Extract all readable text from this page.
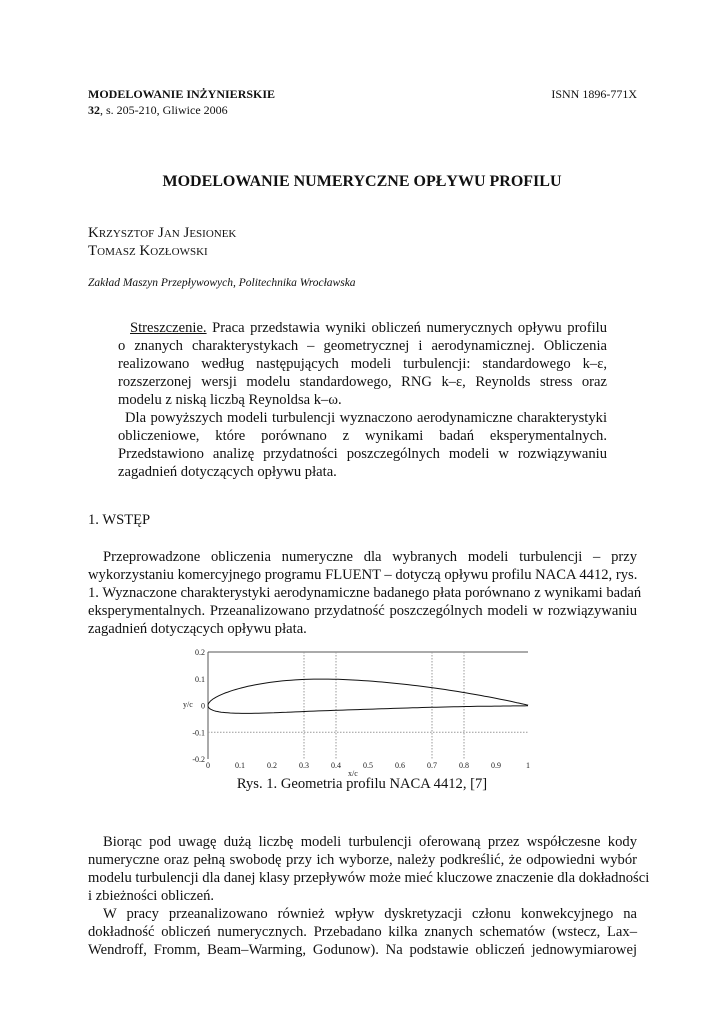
MODELOWANIE INŻYNIERSKIE
32, s. 205-210, Gliwice 2006
ISNN 1896-771X
MODELOWANIE NUMERYCZNE OPŁYWU PROFILU
Krzysztof Jan Jesionek
Tomasz Kozłowski
Zakład Maszyn Przepływowych, Politechnika Wrocławska
Streszczenie. Praca przedstawia wyniki obliczeń numerycznych opływu profilu
o znanych charakterystykach – geometrycznej i aerodynamicznej. Obliczenia
realizowano według następujących modeli turbulencji: standardowego k–ε,
rozszerzonej wersji modelu standardowego, RNG k–ε, Reynolds stress oraz
modelu z niską liczbą Reynoldsa k–ω.
Dla powyższych modeli turbulencji wyznaczono aerodynamiczne charakterystyki
obliczeniowe, które porównano z wynikami badań eksperymentalnych.
Przedstawiono analizę przydatności poszczególnych modeli w rozwiązywaniu
zagadnień dotyczących opływu płata.
1. WSTĘP
Przeprowadzone obliczenia numeryczne dla wybranych modeli turbulencji – przy
wykorzystaniu komercyjnego programu FLUENT – dotyczą opływu profilu NACA 4412, rys.
1. Wyznaczone charakterystyki aerodynamiczne badanego płata porównano z wynikami badań
eksperymentalnych. Przeanalizowano przydatność poszczególnych modeli w rozwiązywaniu
zagadnień dotyczących opływu płata.
0	0.1	0.2	0.3	0.4	0.5	0.6	0.7	0.8	0.9	1
0.2
0.1
0
-0.1
-0.2
y/c
x/c
Rys. 1. Geometria profilu NACA 4412, [7]
Biorąc pod uwagę dużą liczbę modeli turbulencji oferowaną przez współczesne kody
numeryczne oraz pełną swobodę przy ich wyborze, należy podkreślić, że odpowiedni wybór
modelu turbulencji dla danej klasy przepływów może mieć kluczowe znaczenie dla dokładności
i zbieżności obliczeń.
W pracy przeanalizowano również wpływ dyskretyzacji członu konwekcyjnego na
dokładność obliczeń numerycznych. Przebadano kilka znanych schematów (wstecz, Lax–
Wendroff, Fromm, Beam–Warming, Godunow). Na podstawie obliczeń jednowymiarowej
